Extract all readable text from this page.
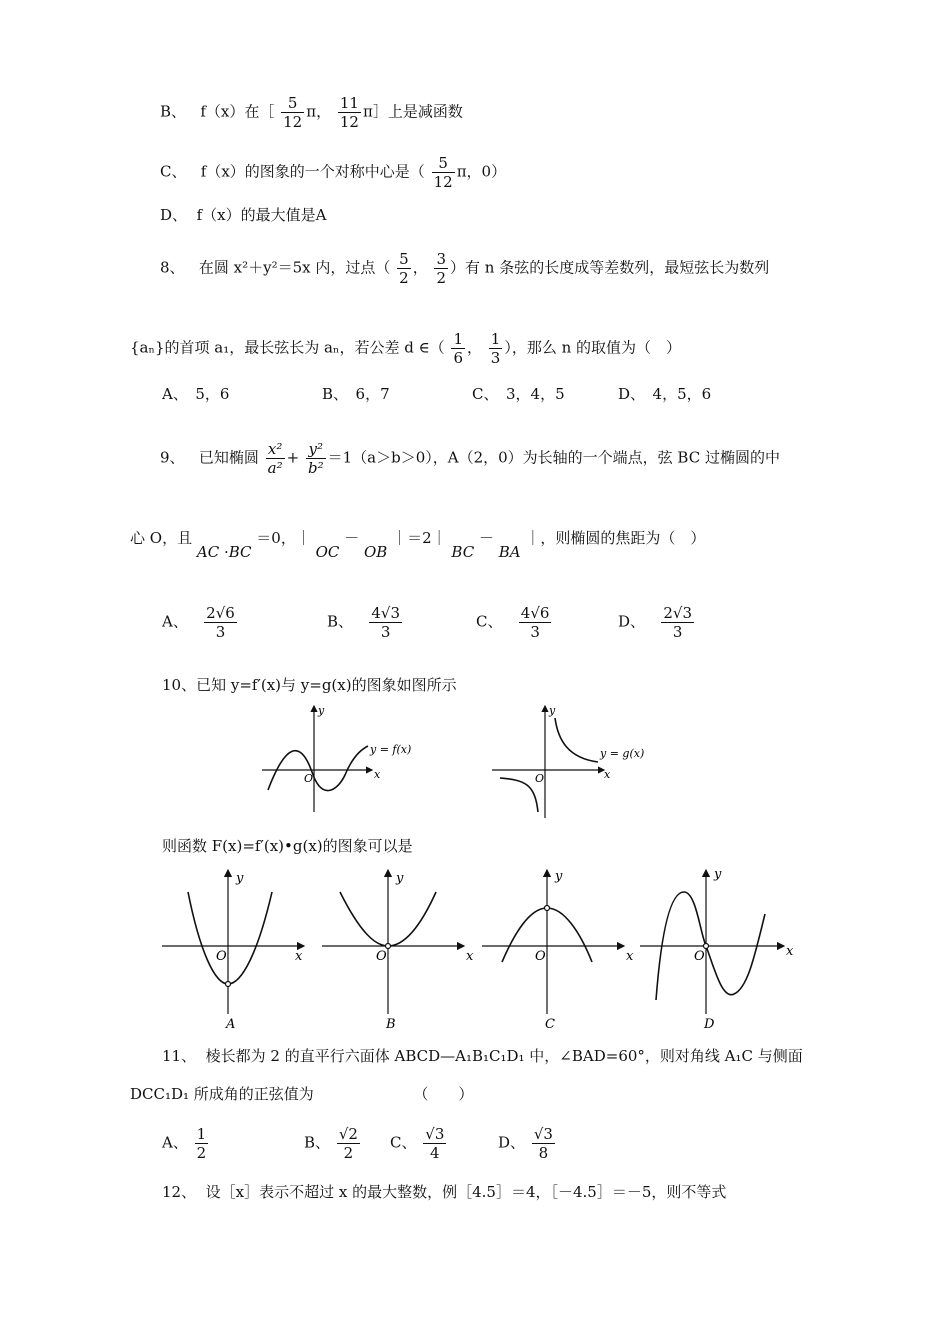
B、 f（x）在［ $\frac{5}{12}$ π， $\frac{11}{12}$ π］上是减函数
C、 f（x）的图象的一个对称中心是（ $\frac{5}{12}$ π，0）
D、 f（x）的最大值是A
8、 在圆 x²＋y²＝5x 内，过点（ $\frac{5}{2}$ ， $\frac{3}{2}$ ）有 n 条弦的长度成等差数列，最短弦长为数列
{aₙ}的首项 a₁，最长弦长为 aₙ，若公差 d ∈（ $\frac{1}{6}$ ， $\frac{1}{3}$ ），那么 n 的取值为（　）
A、　5，6	B、　6，7	C、　3，4，5	D、　4，5，6
9、 已知椭圆 $\frac{\text{x²}}{\text{a²}} + \frac{\text{y²}}{\text{b²}} =1(a>b>0)$，A（2，0）为长轴的一个端点，弦 BC 过椭圆的中
心 O，且 AC ·BC ＝0，｜ OC － OB ｜＝2｜ BC － BA ｜，则椭圆的焦距为（　）
A、 $\frac{2√6}{3}$	B、 $\frac{4√3}{3}$	C、 $\frac{4√6}{3}$	D、 $\frac{2√3}{3}$
10、已知 y=f′(x)与 y=g(x)的图象如图所示
y
x
O
y = f(x)
y
x
O
y = g(x)
则函数 F(x)=f′(x)•g(x)的图象可以是
y
x
O
A
y
x
O
B
y
x
O
C
y
x
O
D
11、 棱长都为 2 的直平行六面体 ABCD—A₁B₁C₁D₁ 中，∠BAD=60°，则对角线 A₁C 与侧面
DCC₁D₁ 所成角的正弦值为	（　　）
A、 $\frac{1}{2}$	B、 $\frac{√2}{2}$ C、 $\frac{√3}{4}$	D、 $\frac{√3}{8}$
12、 设［x］表示不超过 x 的最大整数，例［4.5］＝4，［－4.5］＝－5，则不等式
